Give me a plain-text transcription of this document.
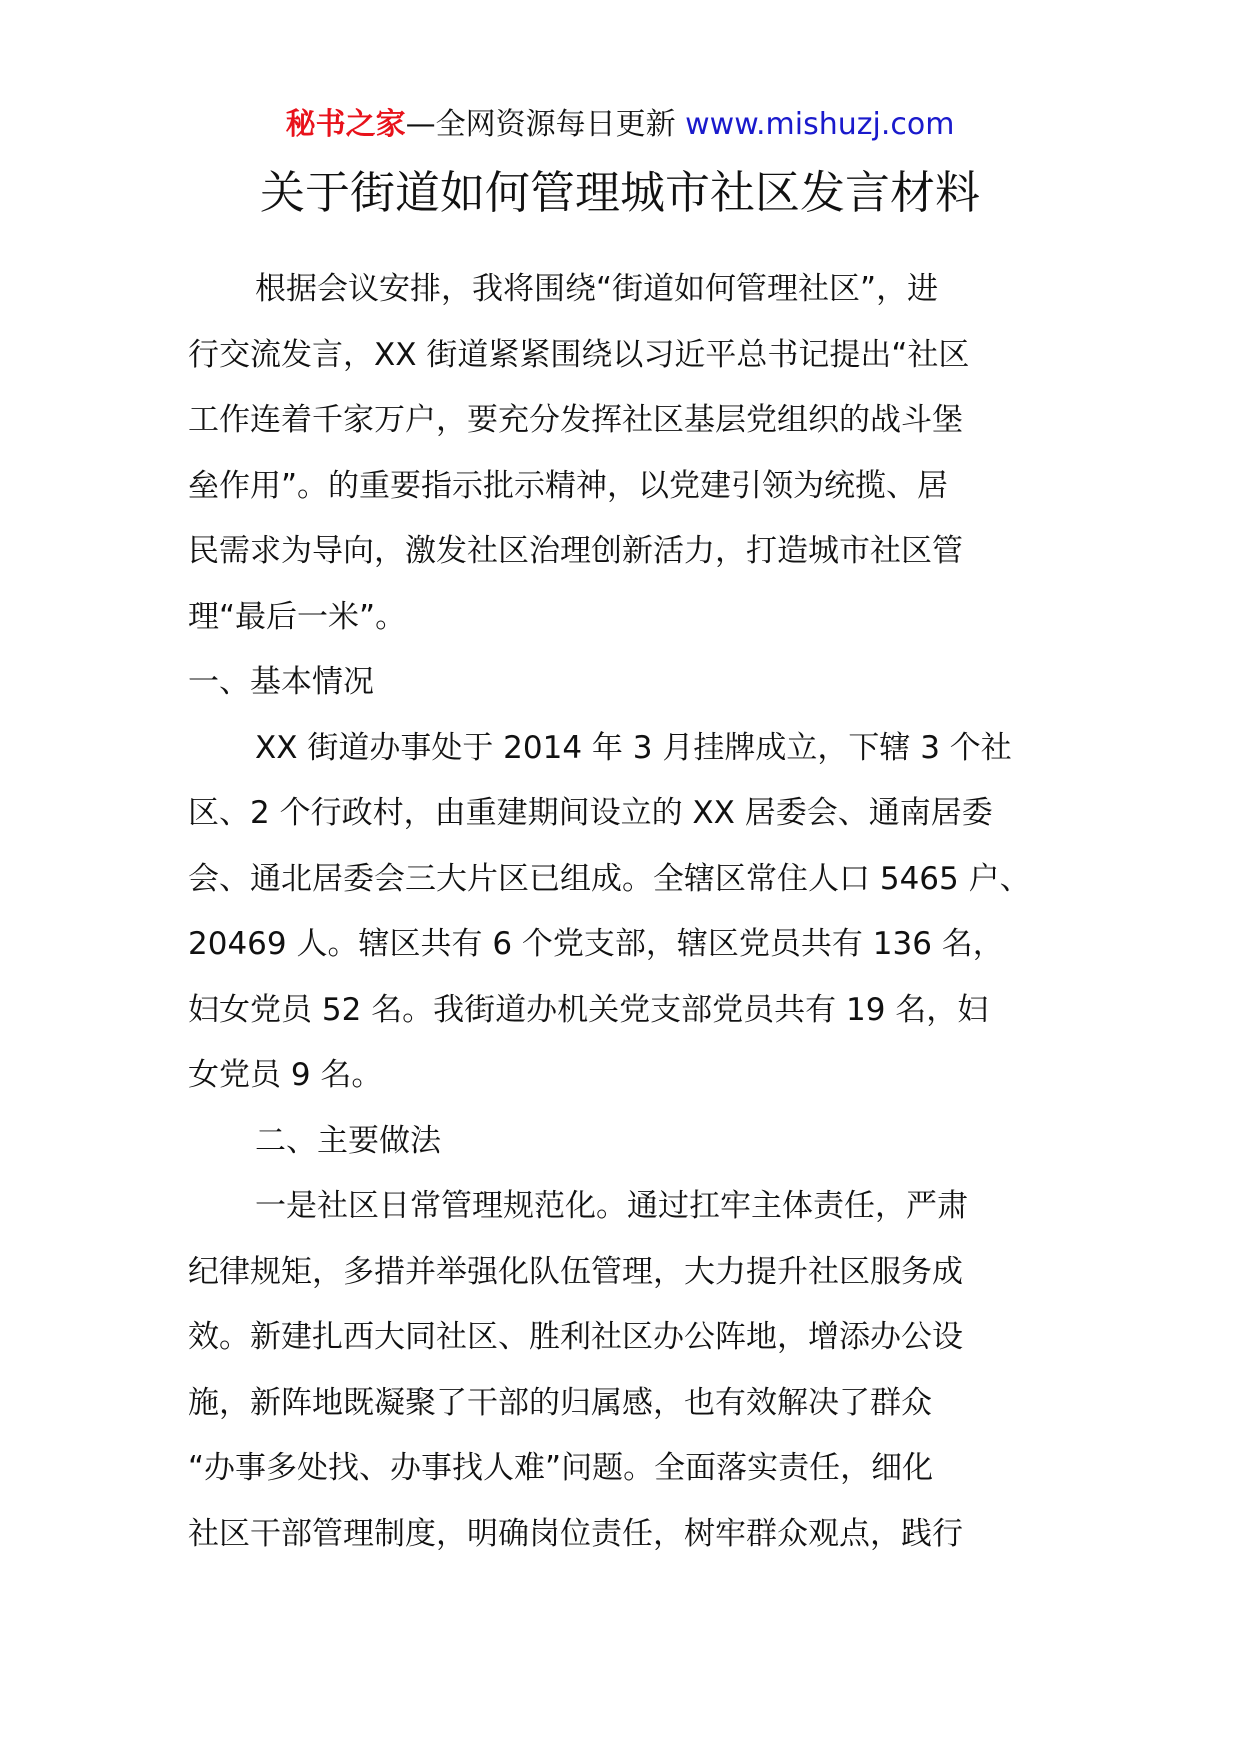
秘书之家—全网资源每日更新 www.mishuzj.com
关于街道如何管理城市社区发言材料
根据会议安排，我将围绕“街道如何管理社区”，进
行交流发言，XX 街道紧紧围绕以习近平总书记提出“社区
工作连着千家万户，要充分发挥社区基层党组织的战斗堡
垒作用”。的重要指示批示精神，以党建引领为统揽、居
民需求为导向，激发社区治理创新活力，打造城市社区管
理“最后一米”。
一、基本情况
XX 街道办事处于 2014 年 3 月挂牌成立，下辖 3 个社
区、2 个行政村，由重建期间设立的 XX 居委会、通南居委
会、通北居委会三大片区已组成。全辖区常住人口 5465 户、
20469 人。辖区共有 6 个党支部，辖区党员共有 136 名，
妇女党员 52 名。我街道办机关党支部党员共有 19 名，妇
女党员 9 名。
二、主要做法
一是社区日常管理规范化。通过扛牢主体责任，严肃
纪律规矩，多措并举强化队伍管理，大力提升社区服务成
效。新建扎西大同社区、胜利社区办公阵地，增添办公设
施，新阵地既凝聚了干部的归属感，也有效解决了群众
“办事多处找、办事找人难”问题。全面落实责任，细化
社区干部管理制度，明确岗位责任，树牢群众观点，践行
